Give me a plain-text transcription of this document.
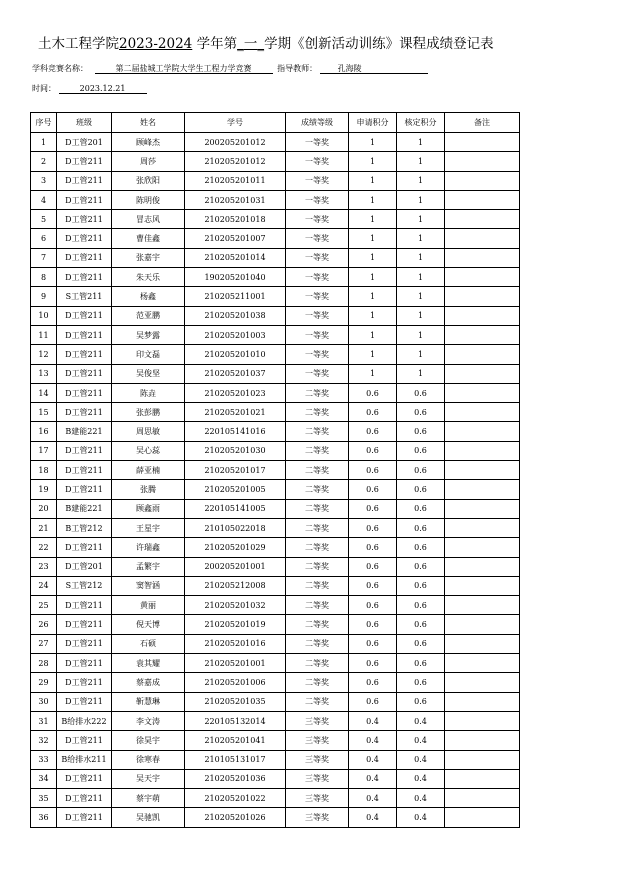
土木工程学院2023-2024 学年第_一_学期《创新活动训练》课程成绩登记表
学科竞赛名称：	第二届盐城工学院大学生工程力学竞赛	指导教师：	孔海陵
时间：	2023.12.21
序号	班级	姓名	学号	成绩等级	申请积分	核定积分	备注
1	D工管201	顾峰杰	200205201012	一等奖	1	1	
2	D工管211	周莎	210205201012	一等奖	1	1	
3	D工管211	张欣阳	210205201011	一等奖	1	1	
4	D工管211	陈明俊	210205201031	一等奖	1	1	
5	D工管211	冒志风	210205201018	一等奖	1	1	
6	D工管211	曹佳鑫	210205201007	一等奖	1	1	
7	D工管211	张嘉宇	210205201014	一等奖	1	1	
8	D工管211	朱天乐	190205201040	一等奖	1	1	
9	S工管211	杨鑫	210205211001	一等奖	1	1	
10	D工管211	范亚鹏	210205201038	一等奖	1	1	
11	D工管211	吴梦露	210205201003	一等奖	1	1	
12	D工管211	印文磊	210205201010	一等奖	1	1	
13	D工管211	吴俊坚	210205201037	一等奖	1	1	
14	D工管211	陈垚	210205201023	二等奖	0.6	0.6	
15	D工管211	张彭鹏	210205201021	二等奖	0.6	0.6	
16	B建能221	周思敏	220105141016	二等奖	0.6	0.6	
17	D工管211	吴心蕊	210205201030	二等奖	0.6	0.6	
18	D工管211	薛亚楠	210205201017	二等奖	0.6	0.6	
19	D工管211	张腾	210205201005	二等奖	0.6	0.6	
20	B建能221	顾鑫雨	220105141005	二等奖	0.6	0.6	
21	B工管212	王星宇	210105022018	二等奖	0.6	0.6	
22	D工管211	许瑞鑫	210205201029	二等奖	0.6	0.6	
23	D工管201	孟繁宇	200205201001	二等奖	0.6	0.6	
24	S工管212	窦智涵	210205212008	二等奖	0.6	0.6	
25	D工管211	黄丽	210205201032	二等奖	0.6	0.6	
26	D工管211	倪天博	210205201019	二等奖	0.6	0.6	
27	D工管211	石硕	210205201016	二等奖	0.6	0.6	
28	D工管211	袁其耀	210205201001	二等奖	0.6	0.6	
29	D工管211	蔡嘉成	210205201006	二等奖	0.6	0.6	
30	D工管211	靳慧琳	210205201035	二等奖	0.6	0.6	
31	B给排水222	李文涛	220105132014	三等奖	0.4	0.4	
32	D工管211	徐昊宇	210205201041	三等奖	0.4	0.4	
33	B给排水211	徐寒春	210105131017	三等奖	0.4	0.4	
34	D工管211	吴天宇	210205201036	三等奖	0.4	0.4	
35	D工管211	蔡宇萌	210205201022	三等奖	0.4	0.4	
36	D工管211	吴驰凯	210205201026	三等奖	0.4	0.4	
